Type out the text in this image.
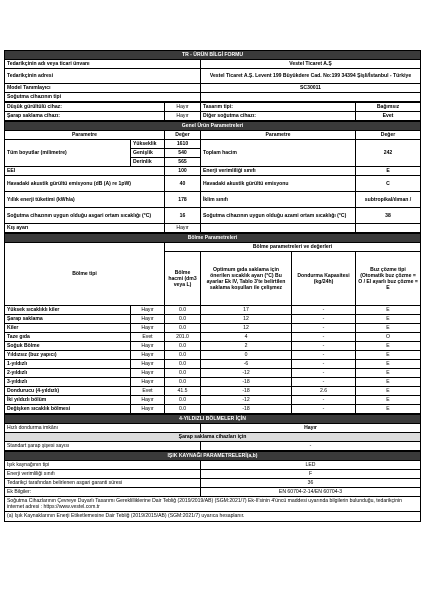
TR - ÜRÜN BİLGİ FORMU	
Tedarikçinin adı veya ticari ünvanı	Vestel Ticaret A.Ş
Tedarikçinin adresi	Vestel Ticaret A.Ş. Levent 199 Büyükdere Cad. No:199 34394 Şişli/İstanbul - Türkiye
Model Tanımlayıcı	SC30011
Soğutma cihazının tipi	
Düşük gürültülü cihaz:	Hayır	Tasarım tipi:	Bağımsız
Şarap saklama cihazı:	Hayır	Diğer soğutma cihazı:	Evet
Genel Ürün Parametreleri				
Parametre		Değer	Parametre	Değer
Tüm boyutlar (milimetre)	Yükseklik	1610	Toplam hacim	242
	Genişlik	540		
	Derinlik	565		
EEI		100	Enerji verimliliği sınıfı	E
Havadaki akustik gürültü emisyonu (dB (A) re 1pW)		40	Havadaki akustik gürültü emisyonu	C
Yıllık enerji tüketimi (kWh/a)		178	İklim sınıfı	subtropikal/ılıman /
Soğutma cihazının uygun olduğu asgari ortam sıcaklığı (°C)		16	Soğutma cihazının uygun olduğu azami ortam sıcaklığı (°C)	38
Kış ayarı		Hayır		
Bölme Parametreleri					
Bölme tipi		Bölme parametreleri ve değerleri			
		Bölme hacmi (dm3 veya L)	Optimum gıda saklama için önerilen sıcaklık ayarı (°C) Bu ayarlar Ek IV, Tablo 3'te belirtilen saklama koşulları ile çelişmez	Dondurma Kapasitesi (kg/24h)	Buz çözme tipi (Otomatik buz çözme = O / El ayarlı buz çözme = E
Yüksek sıcaklıklı kiler	Hayır	0.0	17	-	E
Şarap saklama	Hayır	0.0	12	-	E
Kiler	Hayır	0.0	12	-	E
Taze gıda	Evet	201.0	4	-	O
Soğuk Bölme	Hayır	0.0	2	-	E
Yıldızsız (buz yapıcı)	Hayır	0.0	0	-	E
1-yıldızlı	Hayır	0.0	-6	-	E
2-yıldızlı	Hayır	0.0	-12	-	E
3-yıldızlı	Hayır	0.0	-18	-	E
Dondurucu (4-yıldızlı)	Evet	41.5	-18	2.6	E
İki yıldızlı bölüm	Hayır	0.0	-12	-	E
Değişken sıcaklık bölmesi	Hayır	0.0	-18	-	E
4-YILDIZLI BÖLMELER İÇİN	
Hızlı dondurma imkânı	Hayır
Şarap saklama cihazları için	
Standart şarap şişesi sayısı	-
IŞIK KAYNAĞI PARAMETRELERİ(a,b)	
Işık kaynağının tipi	LED
Enerji verimliliği sınıfı	F
Tedarikçi tarafından belirlenen asgari garanti süresi	36
Ek Bilgiler:	EN 60704-2-14/EN 60704-3
Soğutma Cihazlarının Çevreye Duyarlı Tasarımı Gereklilliklerine Dair Tebliğ (2019/2019/AB) (SGM:2021/7) Ek-II'sinin 4'üncü maddesi uyarında bilgilerin bulunduğu, tedarikçinin internet adresi : https://www.vestel.com.tr	
(a) Işık Kaynaklarının Enerji Etiketlemesine Dair Tebliğ (2019/2015/AB) (SGM:2021/7) uyarıca hesaplanır.	
